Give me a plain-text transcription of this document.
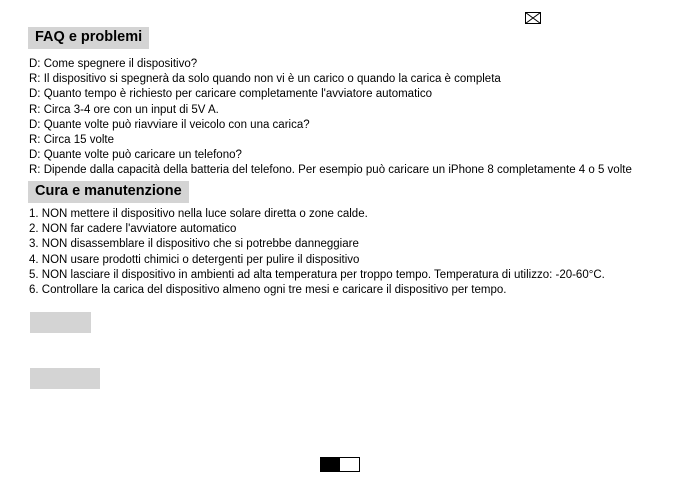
FAQ e problemi
D: Come spegnere il dispositivo?
R: Il dispositivo si spegnerà da solo quando non vi è un carico o quando la carica è completa
D: Quanto tempo è richiesto per caricare completamente l'avviatore automatico
R: Circa 3-4 ore con un input di 5V A.
D: Quante volte può riavviare il veicolo con una carica?
R: Circa 15 volte
D: Quante volte può caricare un telefono?
R: Dipende dalla capacità della batteria del telefono. Per esempio può caricare un iPhone 8 completamente 4 o 5 volte
Cura e manutenzione
1. NON mettere il dispositivo nella luce solare diretta o zone calde.
2. NON far cadere l'avviatore automatico
3. NON disassemblare il dispositivo che si potrebbe danneggiare
4. NON usare prodotti chimici o detergenti per pulire il dispositivo
5. NON lasciare il dispositivo in ambienti ad alta temperatura per troppo tempo. Temperatura di utilizzo: -20-60°C.
6. Controllare la carica del dispositivo almeno ogni tre mesi e caricare il dispositivo per tempo.
